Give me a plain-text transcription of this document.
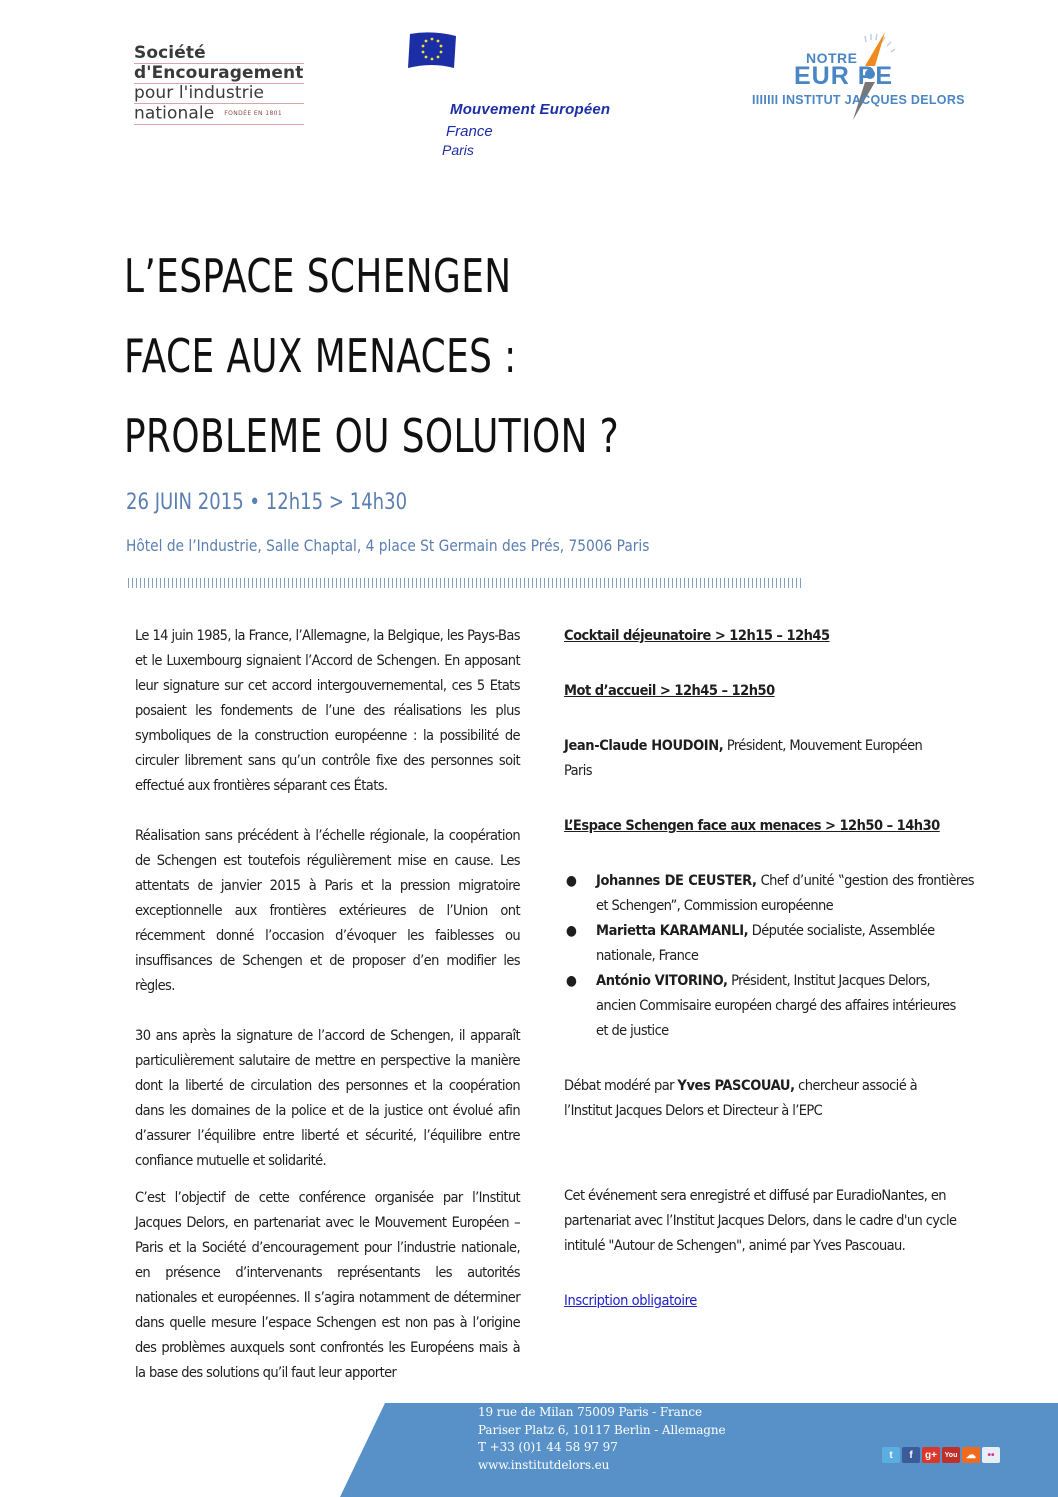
Société
d'Encouragement
pour l'industrie
nationale FONDÉE EN 1801	Mouvement Européen
France
Paris
NOTRE
EUR PE
IIIIIII INSTITUT JACQUES DELORS
L’ESPACE SCHENGEN
FACE AUX MENACES :
PROBLEME OU SOLUTION ?
26 JUIN 2015 • 12h15 > 14h30
Hôtel de l’Industrie, Salle Chaptal, 4 place St Germain des Prés, 75006 Paris

Le 14 juin 1985, la France, l’Allemagne, la Belgique, les Pays-Bas et le Luxembourg signaient l’Accord de Schengen. En apposant leur signature sur cet accord intergouvernemental, ces 5 Etats posaient les fondements de l’une des réalisations les plus symboliques de la construction européenne : la possibilité de circuler librement sans qu’un contrôle fixe des personnes soit effectué aux frontières séparant ces États.

Réalisation sans précédent à l’échelle régionale, la coopération de Schengen est toutefois régulièrement mise en cause. Les attentats de janvier 2015 à Paris et la pression migratoire exceptionnelle aux frontières extérieures de l’Union ont récemment donné l’occasion d’évoquer les faiblesses ou insuffisances de Schengen et de proposer d’en modifier les règles.

30 ans après la signature de l’accord de Schengen, il apparaît particulièrement salutaire de mettre en perspective la manière dont la liberté de circulation des personnes et la coopération dans les domaines de la police et de la justice ont évolué afin d’assurer l’équilibre entre liberté et sécurité, l’équilibre entre confiance mutuelle et solidarité.

C’est l’objectif de cette conférence organisée par l’Institut Jacques Delors, en partenariat avec le Mouvement Européen – Paris et la Société d’encouragement pour l’industrie nationale, en présence d’intervenants représentants les autorités nationales et européennes. Il s’agira notamment de déterminer dans quelle mesure l’espace Schengen est non pas à l’origine des problèmes auxquels sont confrontés les Européens mais à la base des solutions qu’il faut leur apporter

Cocktail déjeunatoire > 12h15 – 12h45
Mot d’accueil > 12h45 – 12h50

Jean-Claude HOUDOIN, Président, Mouvement Européen Paris

L’Espace Schengen face aux menaces > 12h50 – 14h30
● Johannes DE CEUSTER, Chef d’unité ‟gestion des frontières et Schengen”, Commission européenne
● Marietta KARAMANLI, Députée socialiste, Assemblée nationale, France
● António VITORINO, Président, Institut Jacques Delors, ancien Commisaire européen chargé des affaires intérieures et de justice

Débat modéré par Yves PASCOUAU, chercheur associé à l’Institut Jacques Delors et Directeur à l’EPC

Cet événement sera enregistré et diffusé par EuradioNantes, en partenariat avec l’Institut Jacques Delors, dans le cadre d'un cycle intitulé "Autour de Schengen", animé par Yves Pascouau.

Inscription obligatoire
19 rue de Milan 75009 Paris - France
Pariser Platz 6, 10117 Berlin - Allemagne
T +33 (0)1 44 58 97 97
www.institutdelors.eu
t	f	g+	You ☁	••
